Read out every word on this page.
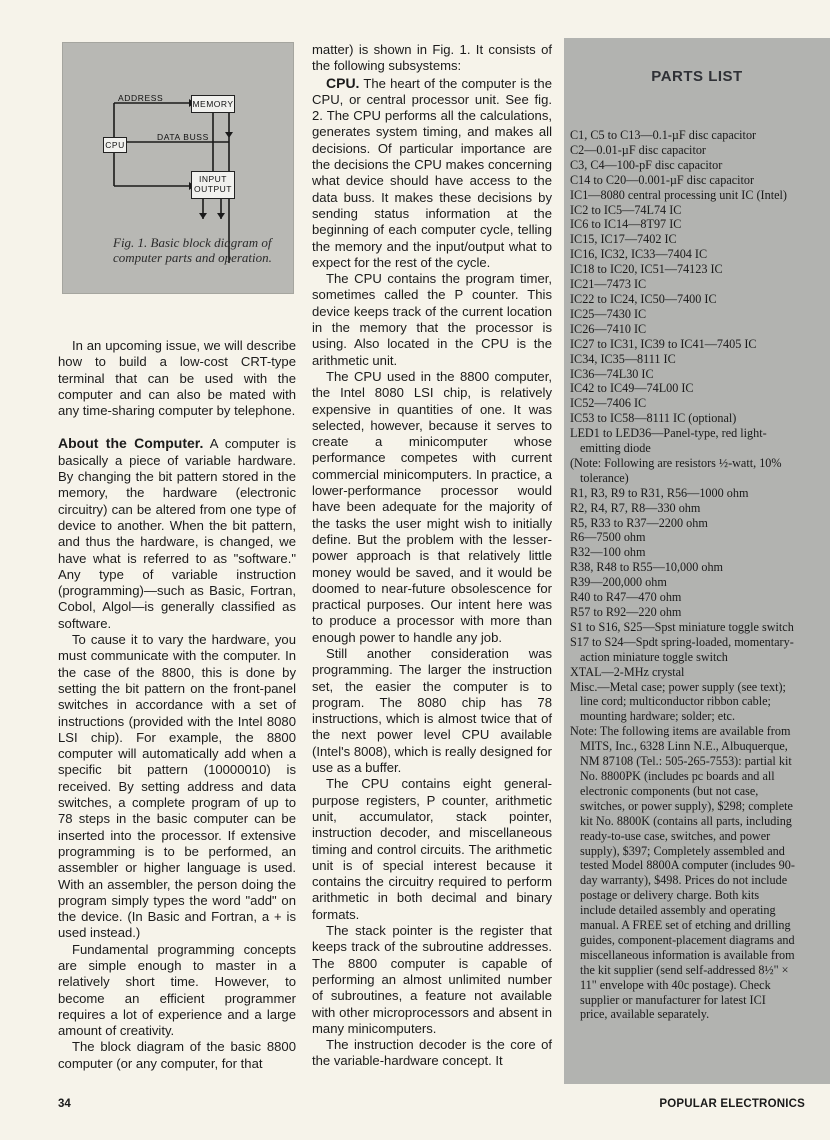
ADDRESS
MEMORY
CPU
DATA BUSS
INPUT
OUTPUT
Fig. 1. Basic block diagram of computer parts and operation.

In an upcoming issue, we will describe how to build a low-cost CRT-type terminal that can be used with the computer and can also be mated with any time-sharing computer by telephone.

About the Computer. A computer is basically a piece of variable hardware. By changing the bit pattern stored in the memory, the hardware (electronic circuitry) can be altered from one type of device to another. When the bit pattern, and thus the hardware, is changed, we have what is referred to as "software." Any type of variable instruction (programming)—such as Basic, Fortran, Cobol, Algol—is generally classified as software.

To cause it to vary the hardware, you must communicate with the computer. In the case of the 8800, this is done by setting the bit pattern on the front-panel switches in accordance with a set of instructions (provided with the Intel 8080 LSI chip). For example, the 8800 computer will automatically add when a specific bit pattern (10000010) is received. By setting address and data switches, a complete program of up to 78 steps in the basic computer can be inserted into the processor. If extensive programming is to be performed, an assembler or higher language is used. With an assembler, the person doing the program simply types the word "add" on the device. (In Basic and Fortran, a + is used instead.)

Fundamental programming concepts are simple enough to master in a relatively short time. However, to become an efficient programmer requires a lot of experience and a large amount of creativity.

The block diagram of the basic 8800 computer (or any computer, for that

matter) is shown in Fig. 1. It consists of the following subsystems:

CPU. The heart of the computer is the CPU, or central processor unit. See fig. 2. The CPU performs all the calculations, generates system timing, and makes all decisions. Of particular importance are the decisions the CPU makes concerning what device should have access to the data buss. It makes these decisions by sending status information at the beginning of each computer cycle, telling the memory and the input/output what to expect for the rest of the cycle.

The CPU contains the program timer, sometimes called the P counter. This device keeps track of the current location in the memory that the processor is using. Also located in the CPU is the arithmetic unit.

The CPU used in the 8800 computer, the Intel 8080 LSI chip, is relatively expensive in quantities of one. It was selected, however, because it serves to create a minicomputer whose performance competes with current commercial minicomputers. In practice, a lower-performance processor would have been adequate for the majority of the tasks the user might wish to initially define. But the problem with the lesser-power approach is that relatively little money would be saved, and it would be doomed to near-future obsolescence for practical purposes. Our intent here was to produce a processor with more than enough power to handle any job.

Still another consideration was programming. The larger the instruction set, the easier the computer is to program. The 8080 chip has 78 instructions, which is almost twice that of the next power level CPU available (Intel's 8008), which is really designed for use as a buffer.

The CPU contains eight general-purpose registers, P counter, arithmetic unit, accumulator, stack pointer, instruction decoder, and miscellaneous timing and control circuits. The arithmetic unit is of special interest because it contains the circuitry required to perform arithmetic in both decimal and binary formats.

The stack pointer is the register that keeps track of the subroutine addresses. The 8800 computer is capable of performing an almost unlimited number of subroutines, a feature not available with other microprocessors and absent in many minicomputers.

The instruction decoder is the core of the variable-hardware concept. It

PARTS LIST
C1, C5 to C13—0.1-µF disc capacitor
C2—0.01-µF disc capacitor
C3, C4—100-pF disc capacitor
C14 to C20—0.001-µF disc capacitor
IC1—8080 central processing unit IC (Intel)
IC2 to IC5—74L74 IC
IC6 to IC14—8T97 IC
IC15, IC17—7402 IC
IC16, IC32, IC33—7404 IC
IC18 to IC20, IC51—74123 IC
IC21—7473 IC
IC22 to IC24, IC50—7400 IC
IC25—7430 IC
IC26—7410 IC
IC27 to IC31, IC39 to IC41—7405 IC
IC34, IC35—8111 IC
IC36—74L30 IC
IC42 to IC49—74L00 IC
IC52—7406 IC
IC53 to IC58—8111 IC (optional)
LED1 to LED36—Panel-type, red light-emitting diode
(Note: Following are resistors ½-watt, 10% tolerance)
R1, R3, R9 to R31, R56—1000 ohm
R2, R4, R7, R8—330 ohm
R5, R33 to R37—2200 ohm
R6—7500 ohm
R32—100 ohm
R38, R48 to R55—10,000 ohm
R39—200,000 ohm
R40 to R47—470 ohm
R57 to R92—220 ohm
S1 to S16, S25—Spst miniature toggle switch
S17 to S24—Spdt spring-loaded, momentary-action miniature toggle switch
XTAL—2-MHz crystal
Misc.—Metal case; power supply (see text); line cord; multiconductor ribbon cable; mounting hardware; solder; etc.
Note: The following items are available from MITS, Inc., 6328 Linn N.E., Albuquerque, NM 87108 (Tel.: 505-265-7553): partial kit No. 8800PK (includes pc boards and all electronic components (but not case, switches, or power supply), $298; complete kit No. 8800K (contains all parts, including ready-to-use case, switches, and power supply), $397; Completely assembled and tested Model 8800A computer (includes 90-day warranty), $498. Prices do not include postage or delivery charge. Both kits include detailed assembly and operating manual. A FREE set of etching and drilling guides, component-placement diagrams and miscellaneous information is available from the kit supplier (send self-addressed 8½" × 11" envelope with 40c postage). Check supplier or manufacturer for latest ICI price, available separately.
34	POPULAR ELECTRONICS
